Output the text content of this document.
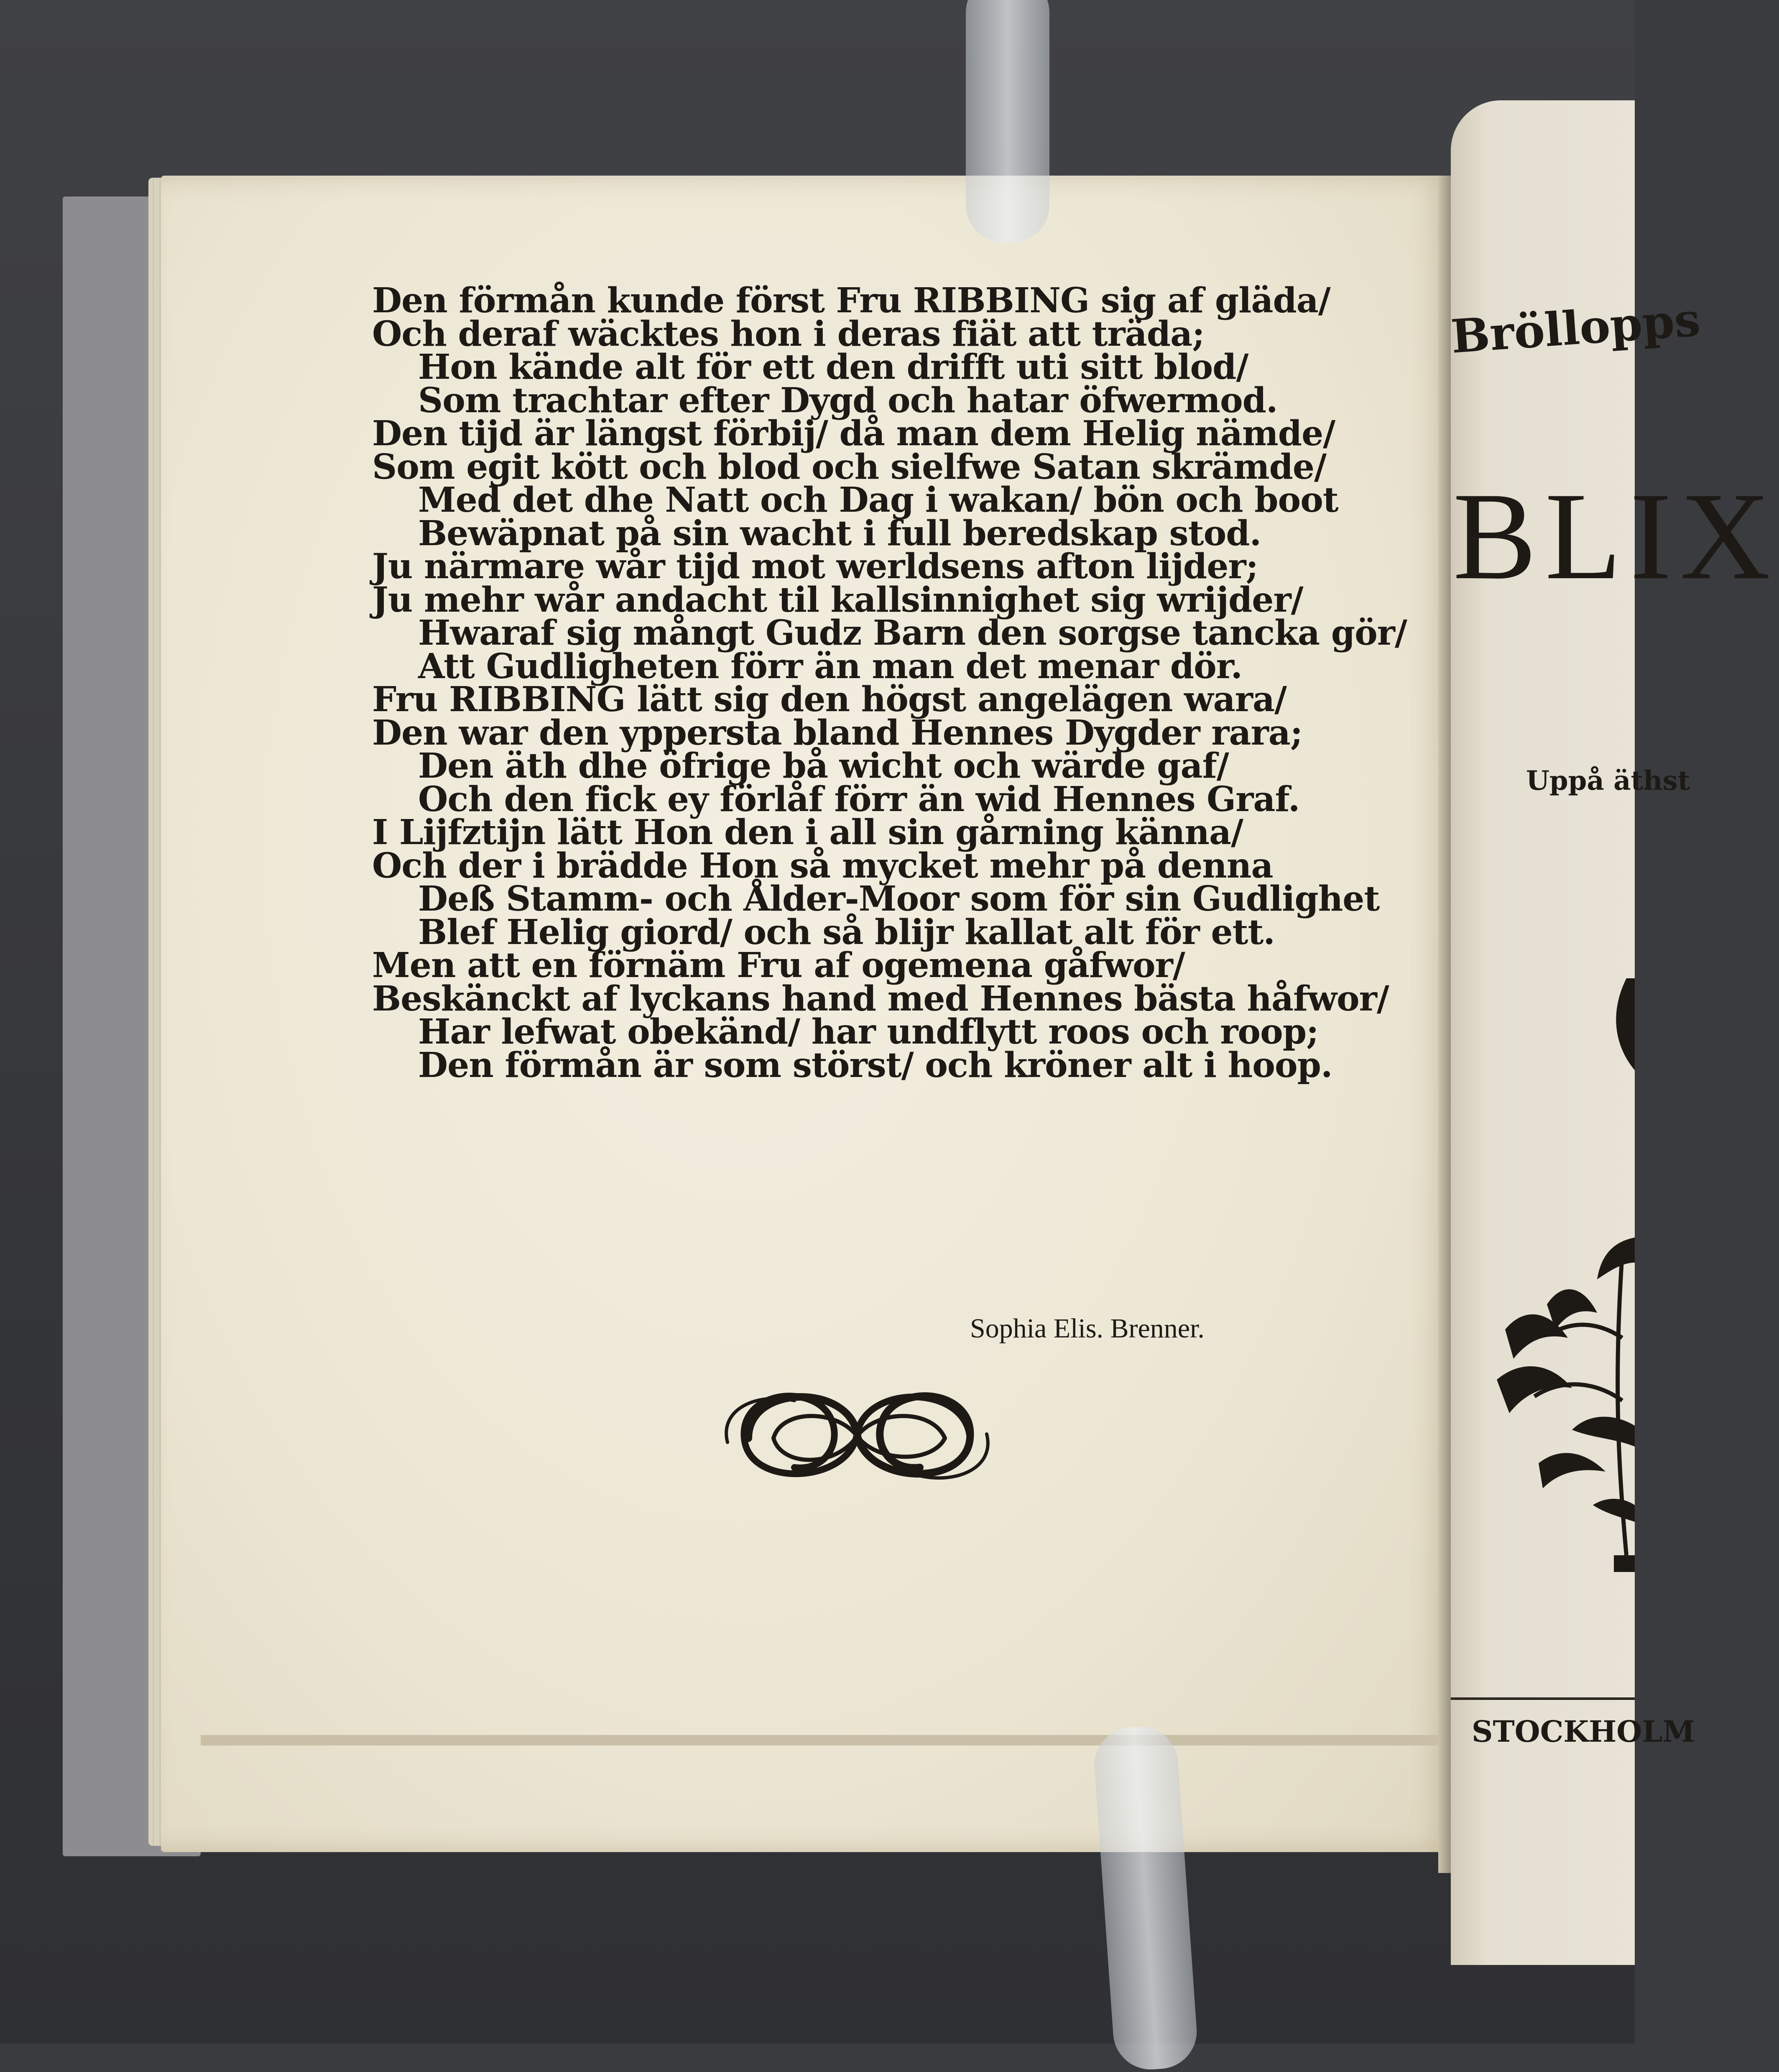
Bröllopps
BLIX
Uppå äthst
STOCKHOLM
Den förmån kunde först Fru RIBBING sig af gläda/
Och deraf wäcktes hon i deras fiät att träda;
Hon kände alt för ett den drifft uti sitt blod/
Som trachtar efter Dygd och hatar öfwermod.
Den tijd är längst förbij/ då man dem Helig nämde/
Som egit kött och blod och sielfwe Satan skrämde/
Med det dhe Natt och Dag i wakan/ bön och boot
Bewäpnat på sin wacht i full beredskap stod.
Ju närmare wår tijd mot werldsens afton lijder;
Ju mehr wår andacht til kallsinnighet sig wrijder/
Hwaraf sig mångt Gudz Barn den sorgse tancka gör/
Att Gudligheten förr än man det menar dör.
Fru RIBBING lätt sig den högst angelägen wara/
Den war den yppersta bland Hennes Dygder rara;
Den äth dhe öfrige bå wicht och wärde gaf/
Och den fick ey förlåf förr än wid Hennes Graf.
I Lijfztijn lätt Hon den i all sin gårning känna/
Och der i brädde Hon så mycket mehr på denna
Deß Stamm- och Ålder-Moor som för sin Gudlighet
Blef Helig giord/ och så blijr kallat alt för ett.
Men att en förnäm Fru af ogemena gåfwor/
Beskänckt af lyckans hand med Hennes bästa håfwor/
Har lefwat obekänd/ har undflytt roos och roop;
Den förmån är som störst/ och kröner alt i hoop.
Sophia Elis. Brenner.
